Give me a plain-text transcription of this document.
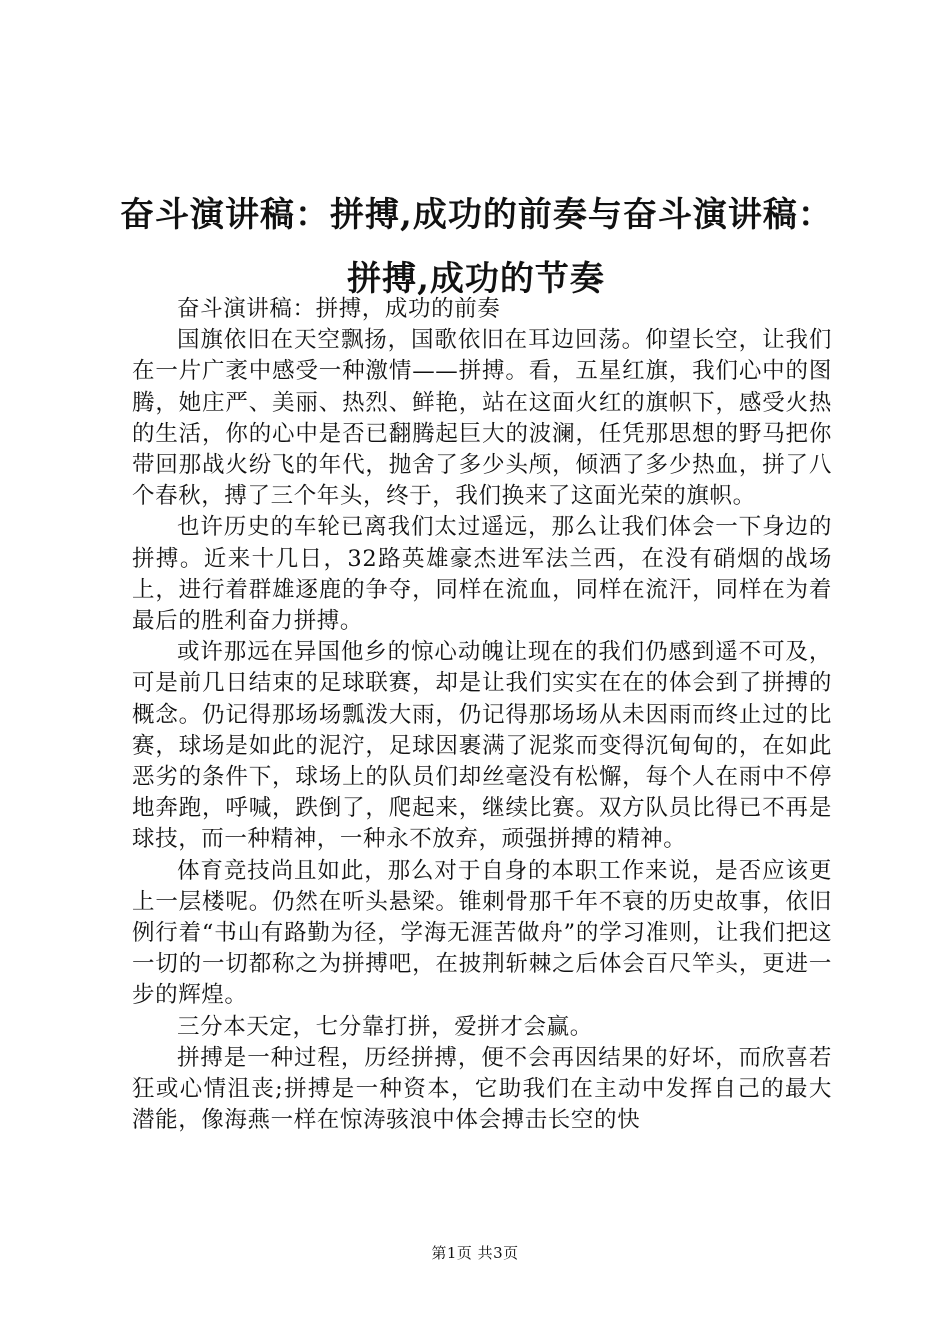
奋斗演讲稿：拼搏,成功的前奏与奋斗演讲稿：
拼搏,成功的节奏

奋斗演讲稿：拼搏，成功的前奏

国旗依旧在天空飘扬，国歌依旧在耳边回荡。仰望长空，让我们在一片广袤中感受一种激情——拼搏。看，五星红旗，我们心中的图腾，她庄严、美丽、热烈、鲜艳，站在这面火红的旗帜下，感受火热的生活，你的心中是否已翻腾起巨大的波澜，任凭那思想的野马把你带回那战火纷飞的年代，抛舍了多少头颅，倾洒了多少热血，拼了八个春秋，搏了三个年头，终于，我们换来了这面光荣的旗帜。

也许历史的车轮已离我们太过遥远，那么让我们体会一下身边的拼搏。近来十几日，32路英雄豪杰进军法兰西，在没有硝烟的战场上，进行着群雄逐鹿的争夺，同样在流血，同样在流汗，同样在为着最后的胜利奋力拼搏。

或许那远在异国他乡的惊心动魄让现在的我们仍感到遥不可及，可是前几日结束的足球联赛，却是让我们实实在在的体会到了拼搏的概念。仍记得那场场瓢泼大雨，仍记得那场场从未因雨而终止过的比赛，球场是如此的泥泞，足球因裹满了泥浆而变得沉甸甸的，在如此恶劣的条件下，球场上的队员们却丝毫没有松懈，每个人在雨中不停地奔跑，呼喊，跌倒了，爬起来，继续比赛。双方队员比得已不再是球技，而一种精神，一种永不放弃，顽强拼搏的精神。

体育竞技尚且如此，那么对于自身的本职工作来说，是否应该更上一层楼呢。仍然在听头悬梁。锥刺骨那千年不衰的历史故事，依旧例行着“书山有路勤为径，学海无涯苦做舟”的学习准则，让我们把这一切的一切都称之为拼搏吧，在披荆斩棘之后体会百尺竿头，更进一步的辉煌。

三分本天定，七分靠打拼，爱拼才会赢。

拼搏是一种过程，历经拼搏，便不会再因结果的好坏，而欣喜若狂或心情沮丧;拼搏是一种资本，它助我们在主动中发挥自己的最大潜能，像海燕一样在惊涛骇浪中体会搏击长空的快

第1页 共3页
